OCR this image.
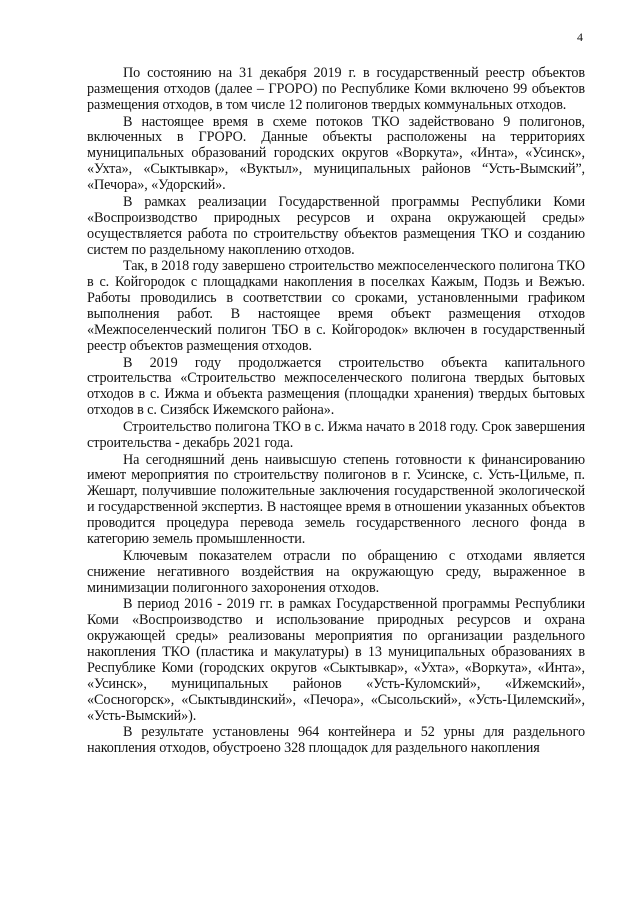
4

По состоянию на 31 декабря 2019 г. в государственный реестр объектов размещения отходов (далее – ГРОРО) по Республике Коми включено 99 объектов размещения отходов, в том числе 12 полигонов твердых коммунальных отходов.

В настоящее время в схеме потоков ТКО задействовано 9 полигонов, включенных в ГРОРО. Данные объекты расположены на территориях муниципальных образований городских округов «Воркута», «Инта», «Усинск», «Ухта», «Сыктывкар», «Вуктыл», муниципальных районов “Усть-Вымский”, «Печора», «Удорский».

В рамках реализации Государственной программы Республики Коми «Воспроизводство природных ресурсов и охрана окружающей среды» осуществляется работа по строительству объектов размещения ТКО и созданию систем по раздельному накоплению отходов.

Так, в 2018 году завершено строительство межпоселенческого полигона ТКО в с. Койгородок с площадками накопления в поселках Кажым, Подзь и Вежъю. Работы проводились в соответствии со сроками, установленными графиком выполнения работ. В настоящее время объект размещения отходов «Межпоселенческий полигон ТБО в с. Койгородок» включен в государственный реестр объектов размещения отходов.

В 2019 году продолжается строительство объекта капитального строительства «Строительство межпоселенческого полигона твердых бытовых отходов в с. Ижма и объекта размещения (площадки хранения) твердых бытовых отходов в с. Сизябск Ижемского района».

Строительство полигона ТКО в с. Ижма начато в 2018 году. Срок завершения строительства - декабрь 2021 года.

На сегодняшний день наивысшую степень готовности к финансированию имеют мероприятия по строительству полигонов в г. Усинске, с. Усть-Цильме, п. Жешарт, получившие положительные заключения государственной экологической и государственной экспертиз. В настоящее время в отношении указанных объектов проводится процедура перевода земель государственного лесного фонда в категорию земель промышленности.

Ключевым показателем отрасли по обращению с отходами является снижение негативного воздействия на окружающую среду, выраженное в минимизации полигонного захоронения отходов.

В период 2016 - 2019 гг. в рамках Государственной программы Республики Коми «Воспроизводство и использование природных ресурсов и охрана окружающей среды» реализованы мероприятия по организации раздельного накопления ТКО (пластика и макулатуры) в 13 муниципальных образованиях в Республике Коми (городских округов «Сыктывкар», «Ухта», «Воркута», «Инта», «Усинск», муниципальных районов «Усть-Куломский», «Ижемский», «Сосногорск», «Сыктывдинский», «Печора», «Сысольский», «Усть-Цилемский», «Усть-Вымский»).

В результате установлены 964 контейнера и 52 урны для раздельного накопления отходов, обустроено 328 площадок для раздельного накопления
